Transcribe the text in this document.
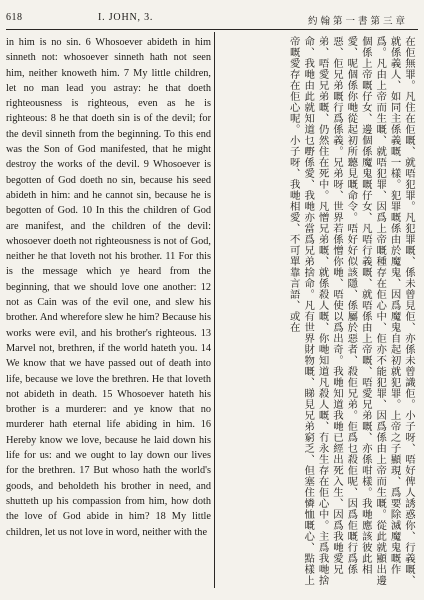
618	I. JOHN, 3.	約翰第一書第三章

in him is no sin. 6 Whosoever abideth in him sinneth not: whosoever sinneth hath not seen him, neither knoweth him. 7 My little children, let no man lead you astray: he that doeth righteousness is righteous, even as he is righteous: 8 he that doeth sin is of the devil; for the devil sinneth from the beginning. To this end was the Son of God manifested, that he might destroy the works of the devil. 9 Whosoever is begotten of God doeth no sin, because his seed abideth in him: and he cannot sin, because he is begotten of God. 10 In this the children of God are manifest, and the children of the devil: whosoever doeth not righteousness is not of God, neither he that loveth not his brother. 11 For this is the message which ye heard from the beginning, that we should love one another: 12 not as Cain was of the evil one, and slew his brother. And wherefore slew he him? Because his works were evil, and his brother's righteous. 13 Marvel not, brethren, if the world hateth you. 14 We know that we have passed out of death into life, because we love the brethren. He that loveth not abideth in death. 15 Whosoever hateth his brother is a murderer: and ye know that no murderer hath eternal life abiding in him. 16 Hereby know we love, because he laid down his life for us: and we ought to lay down our lives for the brethren. 17 But whoso hath the world's goods, and beholdeth his brother in need, and shutteth up his compassion from him, how doth the love of God abide in him? 18 My little children, let us not love in word, neither with the	在佢無罪。凡住在佢嘅、就唔犯罪。凡犯罪嘅、係未曾見佢、亦係未曾識佢。小子呀、唔好俾人誘惑你、行義嘅、就係義人、如同主係義嘅一樣。犯罪嘅係由於魔鬼、因爲魔鬼自起初就犯罪。上帝之子顯現、爲要除滅魔鬼嘅作爲。凡由上帝而生嘅、就唔犯罪、因爲上帝嘅種存在佢心中、佢亦不能犯罪、因爲係由上帝而生嘅。從此就顯出邊個係上帝嘅仔女、邊個係魔鬼嘅仔女、凡唔行義嘅、就唔係由上帝嘅、唔愛兄弟嘅、亦係咁樣。我哋應該彼此相愛、呢個係你哋從起初所聽見嘅命令。唔好好似該隱、係屬於惡者、殺佢兄弟。佢爲乜殺佢呢、因爲佢嘅行爲係惡、佢兄弟嘅行爲係義。兄弟呀、世界若係憎你哋、唔使以爲出奇。我哋知道我哋已經出死入生、因爲我哋愛兄弟、唔愛兄弟嘅、仍然住在死中。凡憎兄弟嘅、就係殺人嘅、你哋知道凡殺人嘅、冇永生存在佢心中。主爲我哋捨命、我哋由此就知道乜嘢係愛、我哋亦當爲兄弟捨命。凡有世界財物嘅、睇見兄弟窮乏、但塞住憐恤嘅心、點樣上帝嘅愛存在佢心呢。小子呀、我哋相愛、不可單靠言語、或在
